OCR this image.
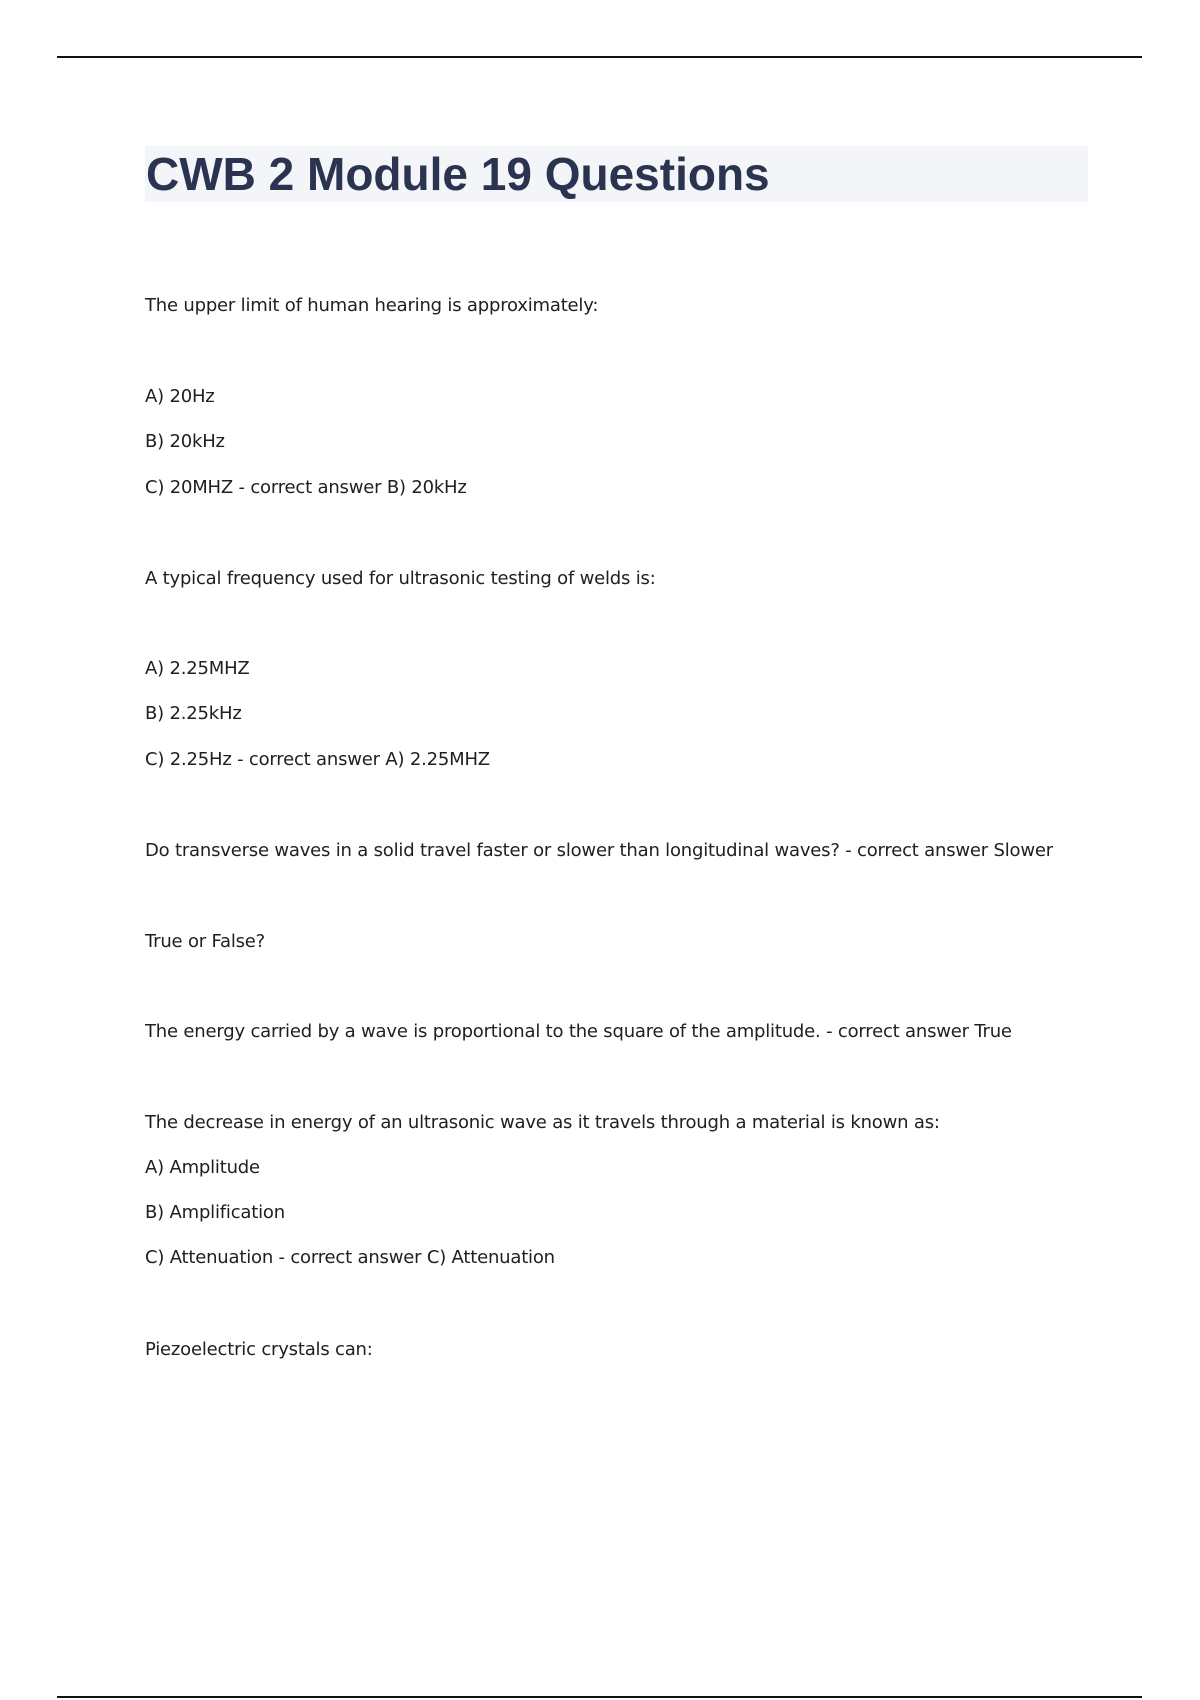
CWB 2 Module 19 Questions
The upper limit of human hearing is approximately:
A) 20Hz
B) 20kHz
C) 20MHZ - correct answer B) 20kHz
A typical frequency used for ultrasonic testing of welds is:
A) 2.25MHZ
B) 2.25kHz
C) 2.25Hz - correct answer A) 2.25MHZ
Do transverse waves in a solid travel faster or slower than longitudinal waves? - correct answer Slower
True or False?
The energy carried by a wave is proportional to the square of the amplitude. - correct answer True
The decrease in energy of an ultrasonic wave as it travels through a material is known as:
A) Amplitude
B) Amplification
C) Attenuation - correct answer C) Attenuation
Piezoelectric crystals can:
